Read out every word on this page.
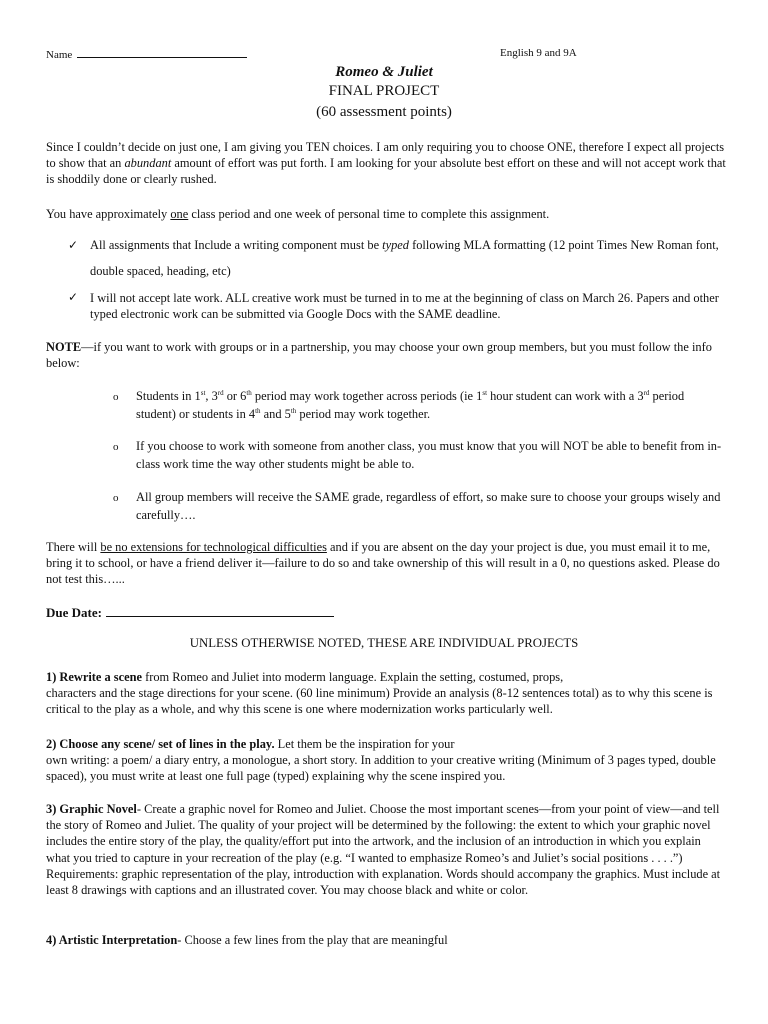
Name	English 9 and 9A
Romeo & Juliet
FINAL PROJECT
(60 assessment points)
Since I couldn’t decide on just one, I am giving you TEN choices. I am only requiring you to choose ONE, therefore I expect all projects to show that an abundant amount of effort was put forth. I am looking for your absolute best effort on these and will not accept work that is shoddily done or clearly rushed.
You have approximately one class period and one week of personal time to complete this assignment.
✓ All assignments that Include a writing component must be typed following MLA formatting (12 point Times New Roman font, double spaced, heading, etc)
✓ I will not accept late work. ALL creative work must be turned in to me at the beginning of class on March 26. Papers and other typed electronic work can be submitted via Google Docs with the SAME deadline.
NOTE—if you want to work with groups or in a partnership, you may choose your own group members, but you must follow the info below:
o Students in 1st, 3rd or 6th period may work together across periods (ie 1st hour student can work with a 3rd period student) or students in 4th and 5th period may work together.
o If you choose to work with someone from another class, you must know that you will NOT be able to benefit from in-class work time the way other students might be able to.
o All group members will receive the SAME grade, regardless of effort, so make sure to choose your groups wisely and carefully….
There will be no extensions for technological difficulties and if you are absent on the day your project is due, you must email it to me, bring it to school, or have a friend deliver it—failure to do so and take ownership of this will result in a 0, no questions asked. Please do not test this…...
Due Date:
UNLESS OTHERWISE NOTED, THESE ARE INDIVIDUAL PROJECTS
1) Rewrite a scene from Romeo and Juliet into moderm language. Explain the setting, costumed, props,
characters and the stage directions for your scene. (60 line minimum) Provide an analysis (8-12 sentences total) as to why this scene is critical to the play as a whole, and why this scene is one where modernization works particularly well.
2) Choose any scene/ set of lines in the play. Let them be the inspiration for your
own writing: a poem/ a diary entry, a monologue, a short story. In addition to your creative writing (Minimum of 3 pages typed, double spaced), you must write at least one full page (typed) explaining why the scene inspired you.
3) Graphic Novel- Create a graphic novel for Romeo and Juliet. Choose the most important scenes—from your point of view—and tell the story of Romeo and Juliet. The quality of your project will be determined by the following: the extent to which your graphic novel includes the entire story of the play, the quality/effort put into the artwork, and the inclusion of an introduction in which you explain what you tried to capture in your recreation of the play (e.g. “I wanted to emphasize Romeo’s and Juliet’s social positions . . . .”) Requirements: graphic representation of the play, introduction with explanation. Words should accompany the graphics. Must include at least 8 drawings with captions and an illustrated cover. You may choose black and white or color.
4) Artistic Interpretation- Choose a few lines from the play that are meaningful
